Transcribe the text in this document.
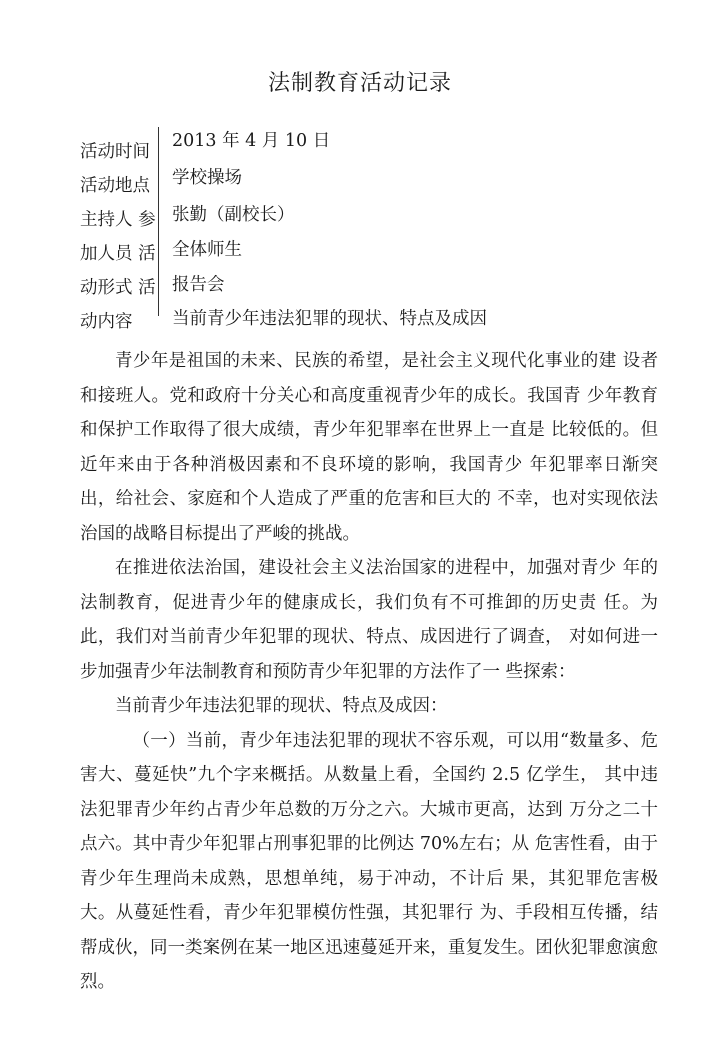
法制教育活动记录
活动时间
活动地点
主持人 参
加人员 活
动形式 活
动内容
2013 年 4 月 10 日
学校操场
张勤（副校长）
全体师生
报告会
当前青少年违法犯罪的现状、特点及成因

青少年是祖国的未来、民族的希望，是社会主义现代化事业的建 设者和接班人。党和政府十分关心和高度重视青少年的成长。我国青 少年教育和保护工作取得了很大成绩，青少年犯罪率在世界上一直是 比较低的。但近年来由于各种消极因素和不良环境的影响，我国青少 年犯罪率日渐突出，给社会、家庭和个人造成了严重的危害和巨大的 不幸，也对实现依法治国的战略目标提出了严峻的挑战。

在推进依法治国，建设社会主义法治国家的进程中，加强对青少 年的法制教育，促进青少年的健康成长，我们负有不可推卸的历史责 任。为此，我们对当前青少年犯罪的现状、特点、成因进行了调查， 对如何进一步加强青少年法制教育和预防青少年犯罪的方法作了一 些探索：

当前青少年违法犯罪的现状、特点及成因：

（一）当前，青少年违法犯罪的现状不容乐观，可以用“数量多、危害大、蔓延快”九个字来概括。从数量上看，全国约 2.5 亿学生， 其中违法犯罪青少年约占青少年总数的万分之六。大城市更高，达到 万分之二十点六。其中青少年犯罪占刑事犯罪的比例达 70%左右；从 危害性看，由于青少年生理尚未成熟，思想单纯，易于冲动，不计后 果，其犯罪危害极大。从蔓延性看，青少年犯罪模仿性强，其犯罪行 为、手段相互传播，结帮成伙，同一类案例在某一地区迅速蔓延开来，重复发生。团伙犯罪愈演愈烈。
